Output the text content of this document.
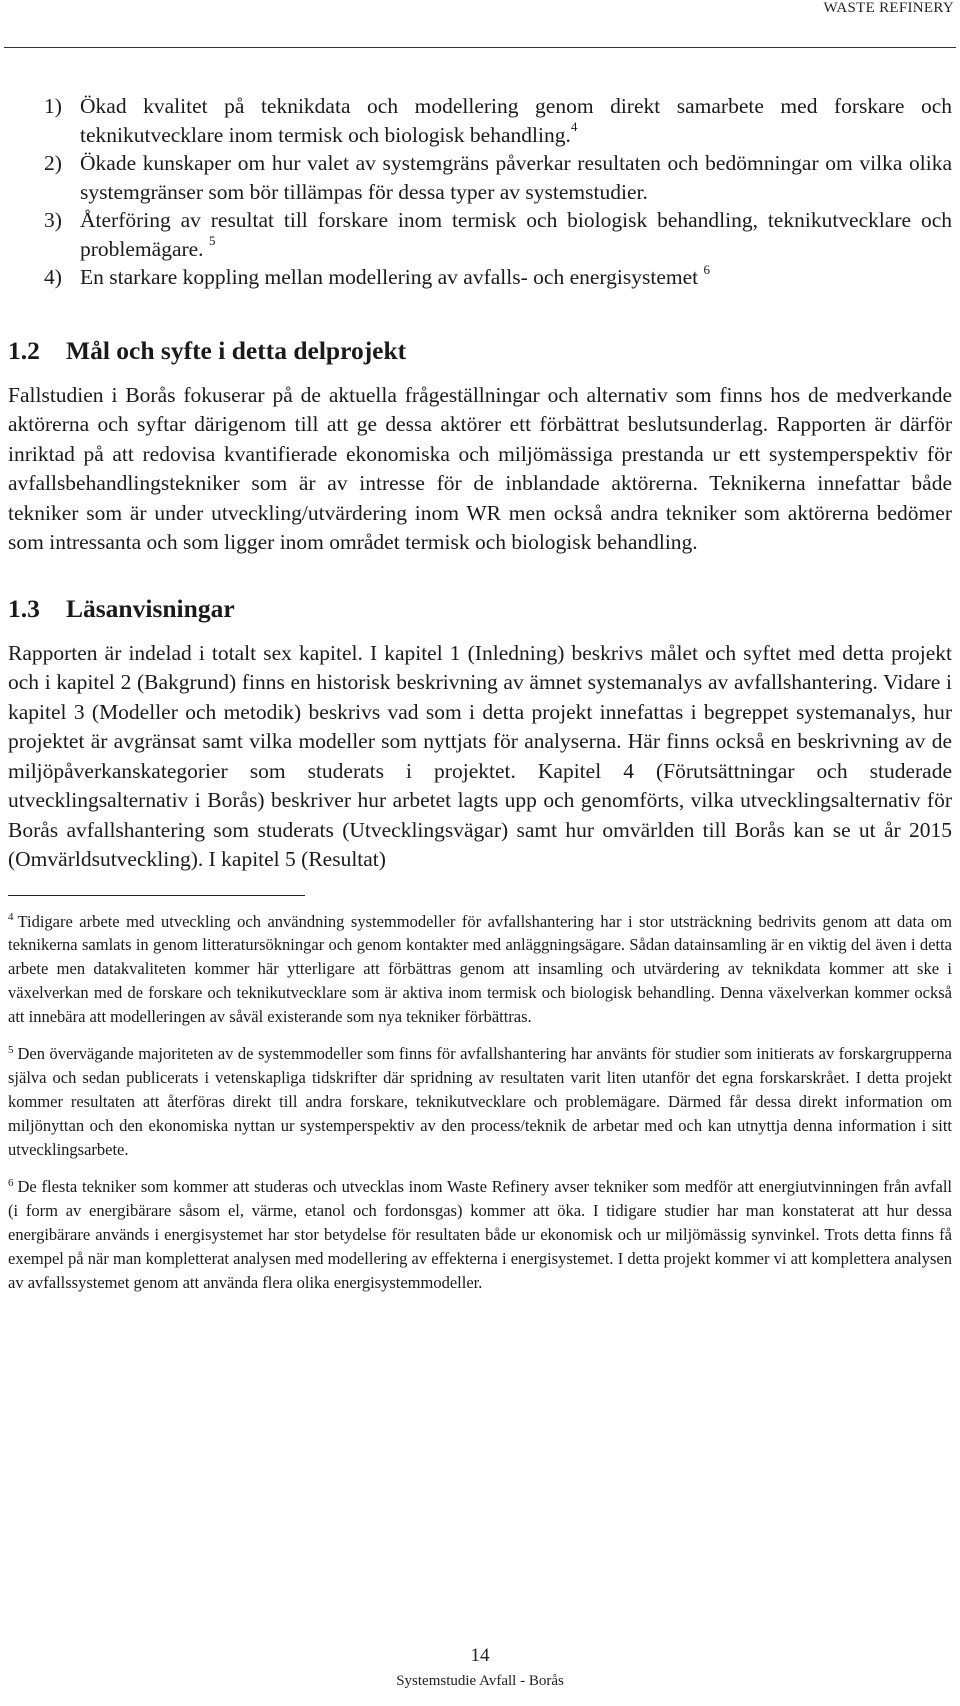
WASTE REFINERY
1) Ökad kvalitet på teknikdata och modellering genom direkt samarbete med forskare och teknikutvecklare inom termisk och biologisk behandling.$^4$
2) Ökade kunskaper om hur valet av systemgräns påverkar resultaten och bedömningar om vilka olika systemgränser som bör tillämpas för dessa typer av systemstudier.
3) Återföring av resultat till forskare inom termisk och biologisk behandling, teknikutvecklare och problemägare. $^5$
4) En starkare koppling mellan modellering av avfalls- och energisystemet $^6$
1.2 Mål och syfte i detta delprojekt

Fallstudien i Borås fokuserar på de aktuella frågeställningar och alternativ som finns hos de medverkande aktörerna och syftar därigenom till att ge dessa aktörer ett förbättrat beslutsunderlag. Rapporten är därför inriktad på att redovisa kvantifierade ekonomiska och miljömässiga prestanda ur ett systemperspektiv för avfallsbehandlingstekniker som är av intresse för de inblandade aktörerna. Teknikerna innefattar både tekniker som är under utveckling/utvärdering inom WR men också andra tekniker som aktörerna bedömer som intressanta och som ligger inom området termisk och biologisk behandling.

1.3 Läsanvisningar

Rapporten är indelad i totalt sex kapitel. I kapitel 1 (Inledning) beskrivs målet och syftet med detta projekt och i kapitel 2 (Bakgrund) finns en historisk beskrivning av ämnet systemanalys av avfallshantering. Vidare i kapitel 3 (Modeller och metodik) beskrivs vad som i detta projekt innefattas i begreppet systemanalys, hur projektet är avgränsat samt vilka modeller som nyttjats för analyserna. Här finns också en beskrivning av de miljöpåverkanskategorier som studerats i projektet. Kapitel 4 (Förutsättningar och studerade utvecklingsalternativ i Borås) beskriver hur arbetet lagts upp och genomförts, vilka utvecklingsalternativ för Borås avfallshantering som studerats (Utvecklingsvägar) samt hur omvärlden till Borås kan se ut år 2015 (Omvärldsutveckling). I kapitel 5 (Resultat)

$^4$ Tidigare arbete med utveckling och användning systemmodeller för avfallshantering har i stor utsträckning bedrivits genom att data om teknikerna samlats in genom litteratursökningar och genom kontakter med anläggningsägare. Sådan datainsamling är en viktig del även i detta arbete men datakvaliteten kommer här ytterligare att förbättras genom att insamling och utvärdering av teknikdata kommer att ske i växelverkan med de forskare och teknikutvecklare som är aktiva inom termisk och biologisk behandling. Denna växelverkan kommer också att innebära att modelleringen av såväl existerande som nya tekniker förbättras.

$^5$ Den övervägande majoriteten av de systemmodeller som finns för avfallshantering har använts för studier som initierats av forskargrupperna själva och sedan publicerats i vetenskapliga tidskrifter där spridning av resultaten varit liten utanför det egna forskarskrået. I detta projekt kommer resultaten att återföras direkt till andra forskare, teknikutvecklare och problemägare. Därmed får dessa direkt information om miljönyttan och den ekonomiska nyttan ur systemperspektiv av den process/teknik de arbetar med och kan utnyttja denna information i sitt utvecklingsarbete.

$^6$ De flesta tekniker som kommer att studeras och utvecklas inom Waste Refinery avser tekniker som medför att energiutvinningen från avfall (i form av energibärare såsom el, värme, etanol och fordonsgas) kommer att öka. I tidigare studier har man konstaterat att hur dessa energibärare används i energisystemet har stor betydelse för resultaten både ur ekonomisk och ur miljömässig synvinkel. Trots detta finns få exempel på när man kompletterat analysen med modellering av effekterna i energisystemet. I detta projekt kommer vi att komplettera analysen av avfallssystemet genom att använda flera olika energisystemmodeller.

14
Systemstudie Avfall - Borås
